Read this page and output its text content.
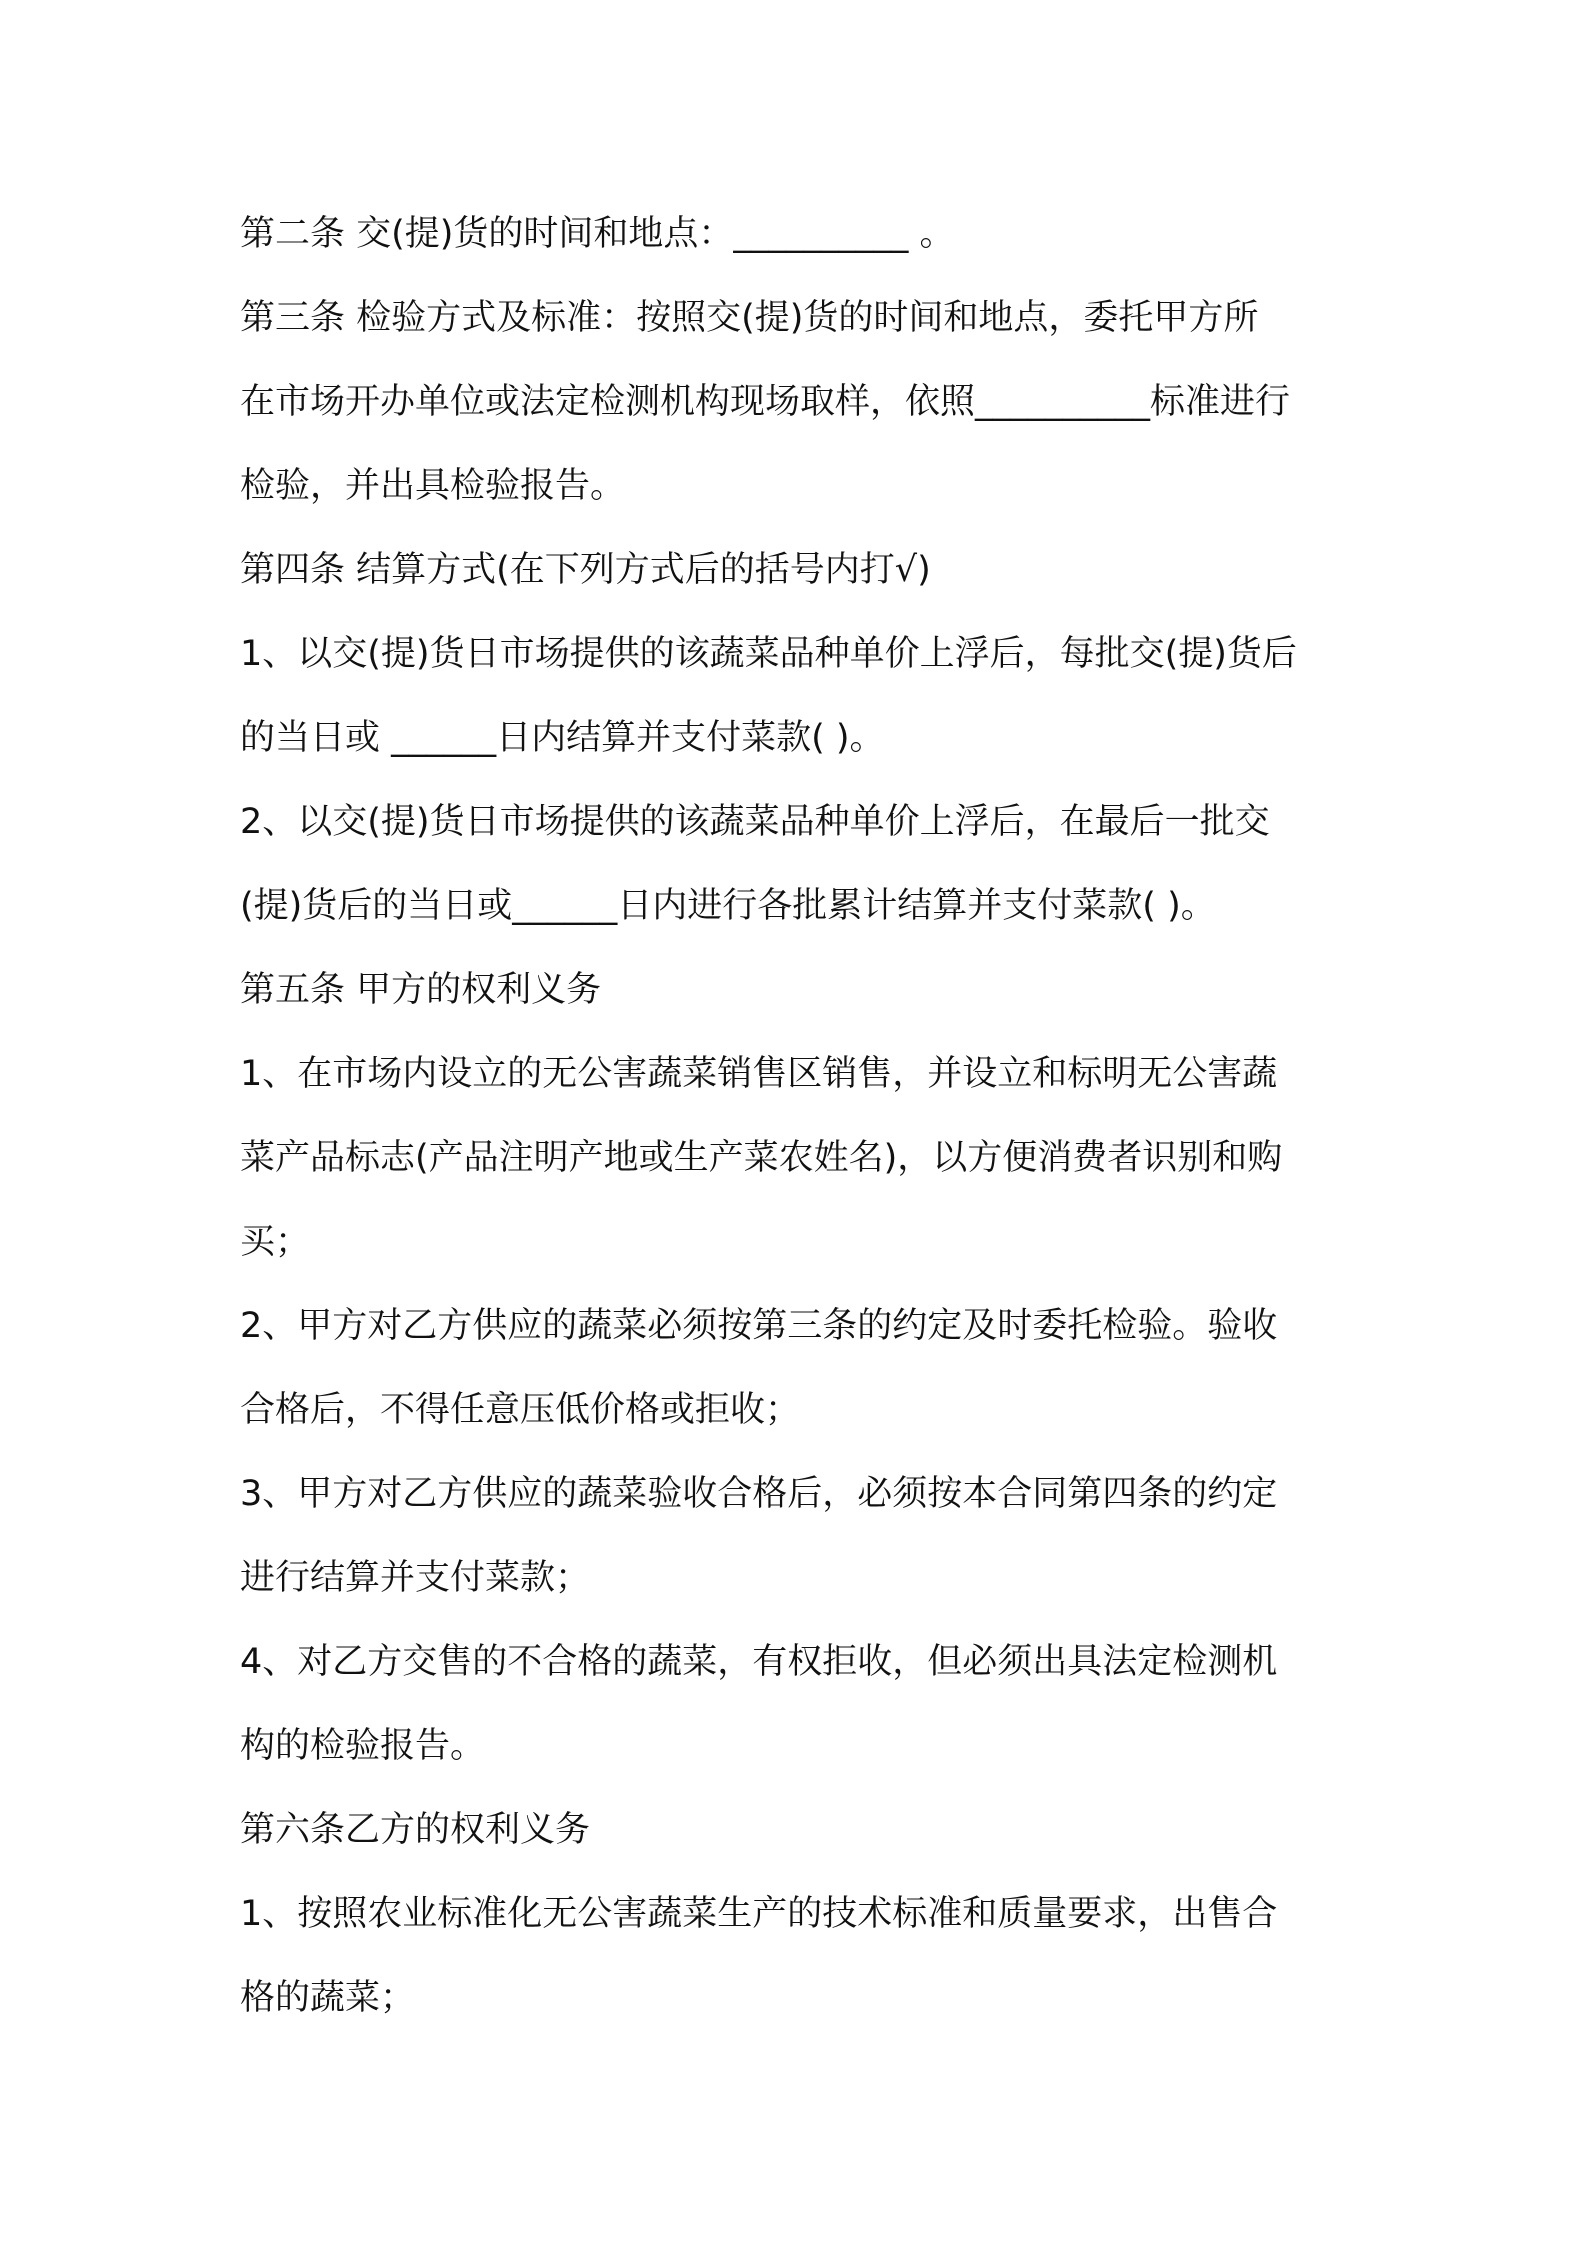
第二条 交(提)货的时间和地点：__________ 。
第三条 检验方式及标准：按照交(提)货的时间和地点，委托甲方所
在市场开办单位或法定检测机构现场取样，依照__________标准进行
检验，并出具检验报告。
第四条 结算方式(在下列方式后的括号内打√)
1、以交(提)货日市场提供的该蔬菜品种单价上浮后，每批交(提)货后
的当日或 ______日内结算并支付菜款( )。
2、以交(提)货日市场提供的该蔬菜品种单价上浮后，在最后一批交
(提)货后的当日或______日内进行各批累计结算并支付菜款( )。
第五条 甲方的权利义务
1、在市场内设立的无公害蔬菜销售区销售，并设立和标明无公害蔬
菜产品标志(产品注明产地或生产菜农姓名)，以方便消费者识别和购
买；
2、甲方对乙方供应的蔬菜必须按第三条的约定及时委托检验。验收
合格后，不得任意压低价格或拒收；
3、甲方对乙方供应的蔬菜验收合格后，必须按本合同第四条的约定
进行结算并支付菜款；
4、对乙方交售的不合格的蔬菜，有权拒收，但必须出具法定检测机
构的检验报告。
第六条乙方的权利义务
1、按照农业标准化无公害蔬菜生产的技术标准和质量要求，出售合
格的蔬菜；
